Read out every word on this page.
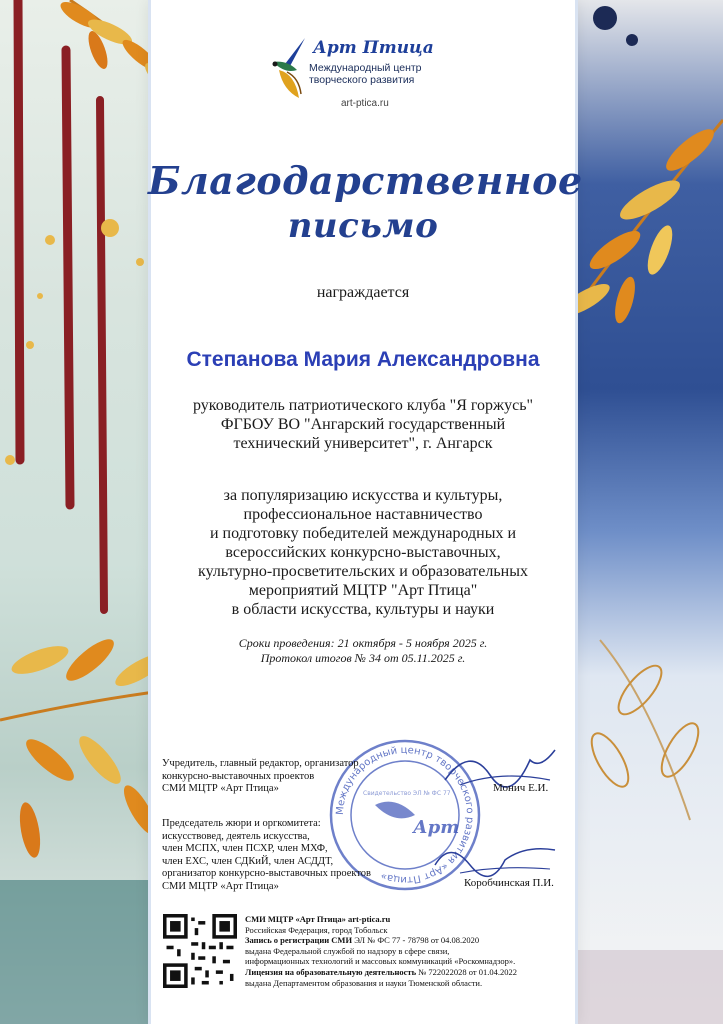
Арт Птица
Международный центр
творческого развития
art-ptica.ru
Благодарственное
письмо
награждается
Степанова Мария Александровна
руководитель патриотического клуба "Я горжусь"
ФГБОУ ВО "Ангарский государственный
технический университет", г. Ангарск
за популяризацию искусства и культуры,
профессиональное наставничество
и подготовку победителей международных и
всероссийских конкурсно-выставочных,
культурно-просветительских и образовательных
мероприятий МЦТР "Арт Птица"
в области искусства, культуры и науки
Сроки проведения: 21 октября - 5 ноября 2025 г.
Протокол итогов № 34 от 05.11.2025 г.
Международный центр творческого развития «Арт Птица»
Арт
Свидетельство ЭЛ № ФС 77
Учредитель, главный редактор, организатор
конкурсно-выставочных проектов
СМИ МЦТР «Арт Птица»	Монич Е.И.
Председатель жюри и оргкомитета:
искусствовед, деятель искусства,
член МСПХ, член ПСХР, член МХФ,
член ЕХС, член СДКиЙ, член АСДДТ,
организатор конкурсно-выставочных проектов
СМИ МЦТР «Арт Птица»	Коробчинская П.И.
СМИ МЦТР «Арт Птица» art-ptica.ru
Российская Федерация, город Тобольск
Запись о регистрации СМИ ЭЛ № ФС 77 - 78798 от 04.08.2020
выдана Федеральной службой по надзору в сфере связи,
информационных технологий и массовых коммуникаций «Роскомнадзор».
Лицензия на образовательную деятельность № 722022028 от 01.04.2022
выдана Департаментом образования и науки Тюменской области.
